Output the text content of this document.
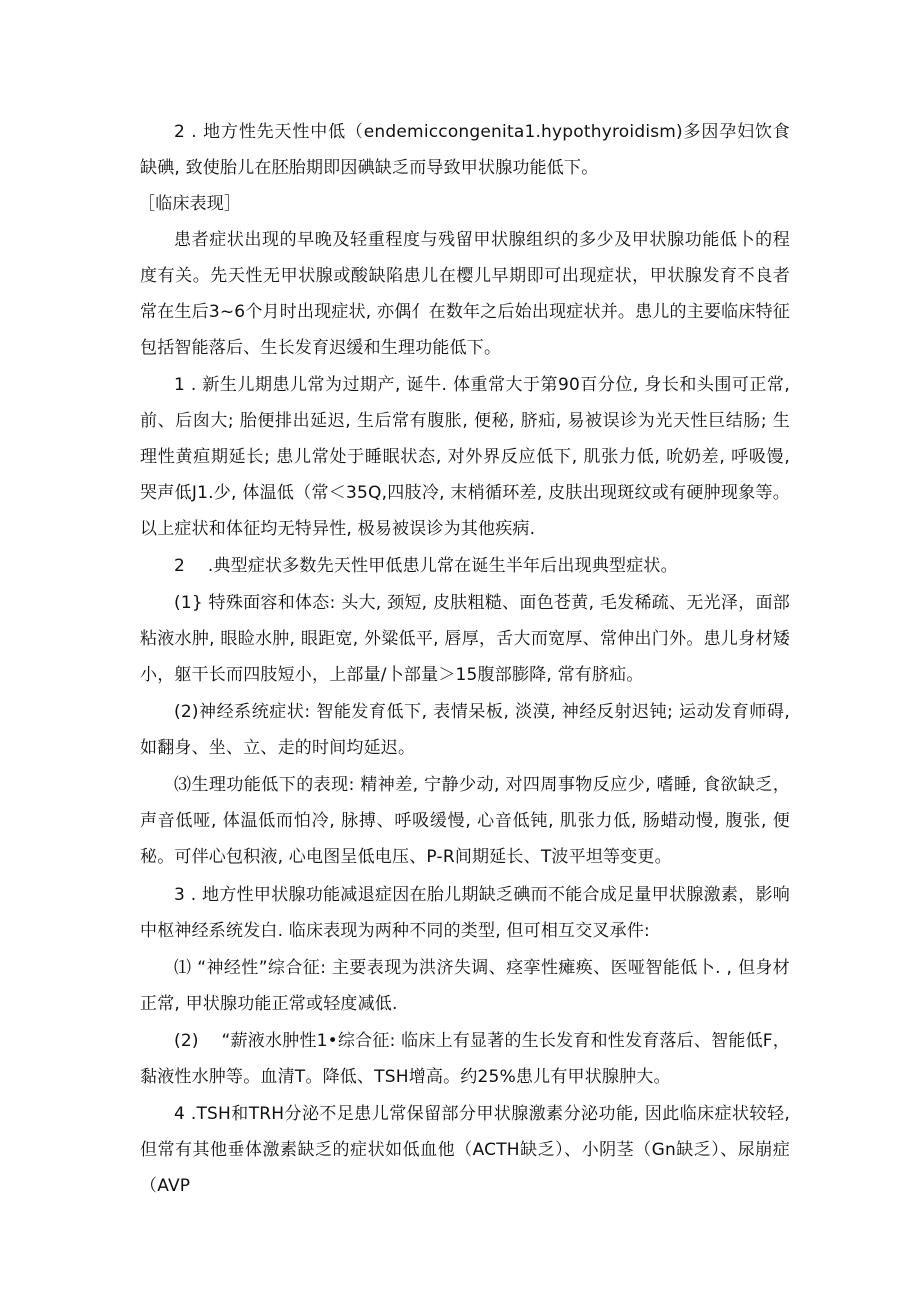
2 . 地方性先天性中低（endemiccongenita1.hypothyroidism)多因孕妇饮食缺碘, 致使胎儿在胚胎期即因碘缺乏而导致甲状腺功能低下。

［临床表现］

患者症状出现的早晚及轻重程度与残留甲状腺组织的多少及甲状腺功能低卜的程度有关。先天性无甲状腺或酸缺陷患儿在樱儿早期即可出现症状，甲状腺发育不良者常在生后3~6个月时出现症状, 亦偶亻在数年之后始出现症状并。患儿的主要临床特征包括智能落后、生长发育迟缓和生理功能低下。

1 . 新生儿期患儿常为过期产, 诞牛. 体重常大于第90百分位, 身长和头围可正常, 前、后囱大; 胎便排出延迟, 生后常有腹胀, 便秘, 脐疝, 易被误诊为光天性巨结肠; 生理性黄疸期延长; 患儿常处于睡眠状态, 对外界反应低下, 肌张力低, 吮奶差, 呼吸馒, 哭声低J1.少, 体温低（常＜35Q,四肢冷, 末梢循环差, 皮肤出现斑纹或有硬肿现象等。以上症状和体征均无特异性, 极易被误诊为其他疾病.

2 　.典型症状多数先天性甲低患儿常在诞生半年后出现典型症状。

(1} 特殊面容和体态: 头大, 颈短, 皮肤粗糙、面色苍黄, 毛发稀疏、无光泽，面部粘液水肿, 眼睑水肿, 眼距宽, 外粱低平, 唇厚，舌大而宽厚、常伸出门外。患儿身材矮小，躯干长而四肢短小，上部量/卜部量＞15腹部膨降, 常有脐疝。

(2)神经系统症状: 智能发育低下, 表情呆板, 淡漠, 神经反射迟钝; 运动发育师碍, 如翻身、坐、立、走的时间均延迟。

⑶生理功能低下的表现: 精神差, 宁静少动, 对四周事物反应少, 嗜睡, 食欲缺乏，声音低哑, 体温低而怕冷, 脉搏、呼吸缓慢, 心音低钝, 肌张力低, 肠蜡动慢, 腹张, 便秘。可伴心包积液, 心电图呈低电压、P-R间期延长、T波平坦等变更。

3 . 地方性甲状腺功能减退症因在胎儿期缺乏碘而不能合成足量甲状腺激素，影响中枢神经系统发白. 临床表现为两种不同的类型, 但可相互交叉承件:

⑴ “神经性”综合征: 主要表现为洪济失调、痉挛性瘫痪、医哑智能低卜. , 但身材正常, 甲状腺功能正常或轻度减低.

(2) 　“薪液水肿性1•综合征: 临床上有显著的生长发育和性发育落后、智能低F，黏液性水肿等。血清T。降低、TSH增高。约25%患儿有甲状腺肿大。

4 .TSH和TRH分泌不足患儿常保留部分甲状腺激素分泌功能, 因此临床症状较轻, 但常有其他垂体激素缺乏的症状如低血他（ACTH缺乏）、小阴茎（Gn缺乏）、尿崩症（AVP
